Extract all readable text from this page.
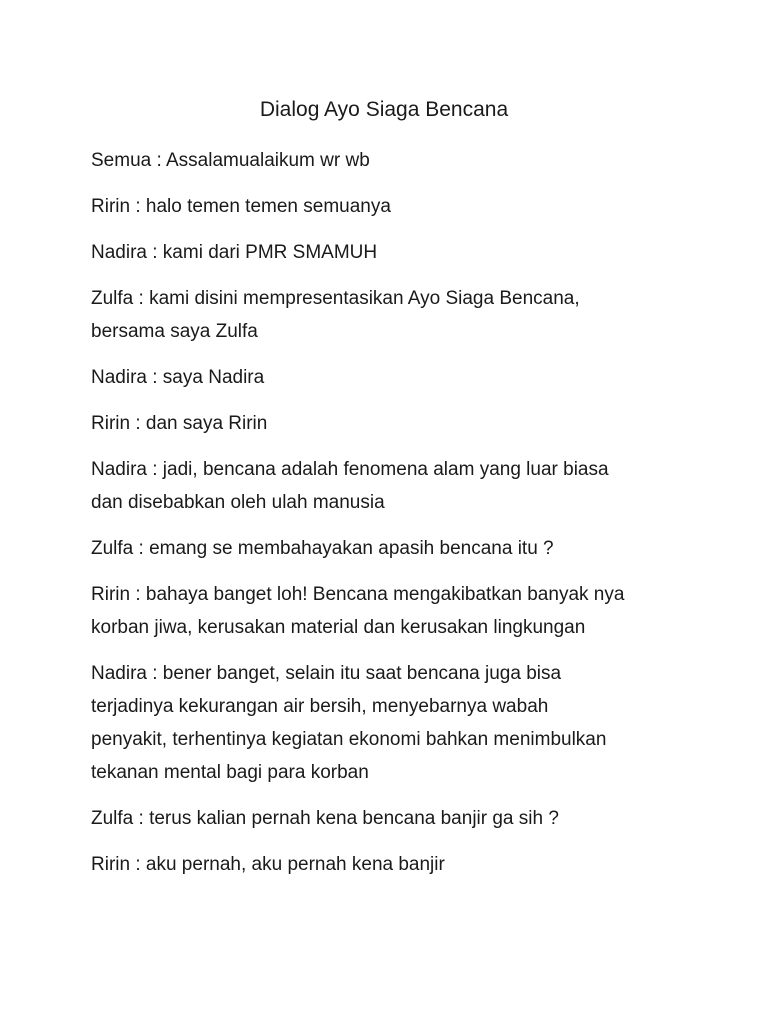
Dialog Ayo Siaga Bencana
Semua : Assalamualaikum wr wb
Ririn : halo temen temen semuanya
Nadira : kami dari PMR SMAMUH
Zulfa : kami disini mempresentasikan Ayo Siaga Bencana,
bersama saya Zulfa
Nadira : saya Nadira
Ririn : dan saya Ririn
Nadira : jadi, bencana adalah fenomena alam yang luar biasa
dan disebabkan oleh ulah manusia
Zulfa : emang se membahayakan apasih bencana itu ?
Ririn : bahaya banget loh! Bencana mengakibatkan banyak nya
korban jiwa, kerusakan material dan kerusakan lingkungan
Nadira : bener banget, selain itu saat bencana juga bisa
terjadinya kekurangan air bersih, menyebarnya wabah
penyakit, terhentinya kegiatan ekonomi bahkan menimbulkan
tekanan mental bagi para korban
Zulfa : terus kalian pernah kena bencana banjir ga sih ?
Ririn : aku pernah, aku pernah kena banjir
